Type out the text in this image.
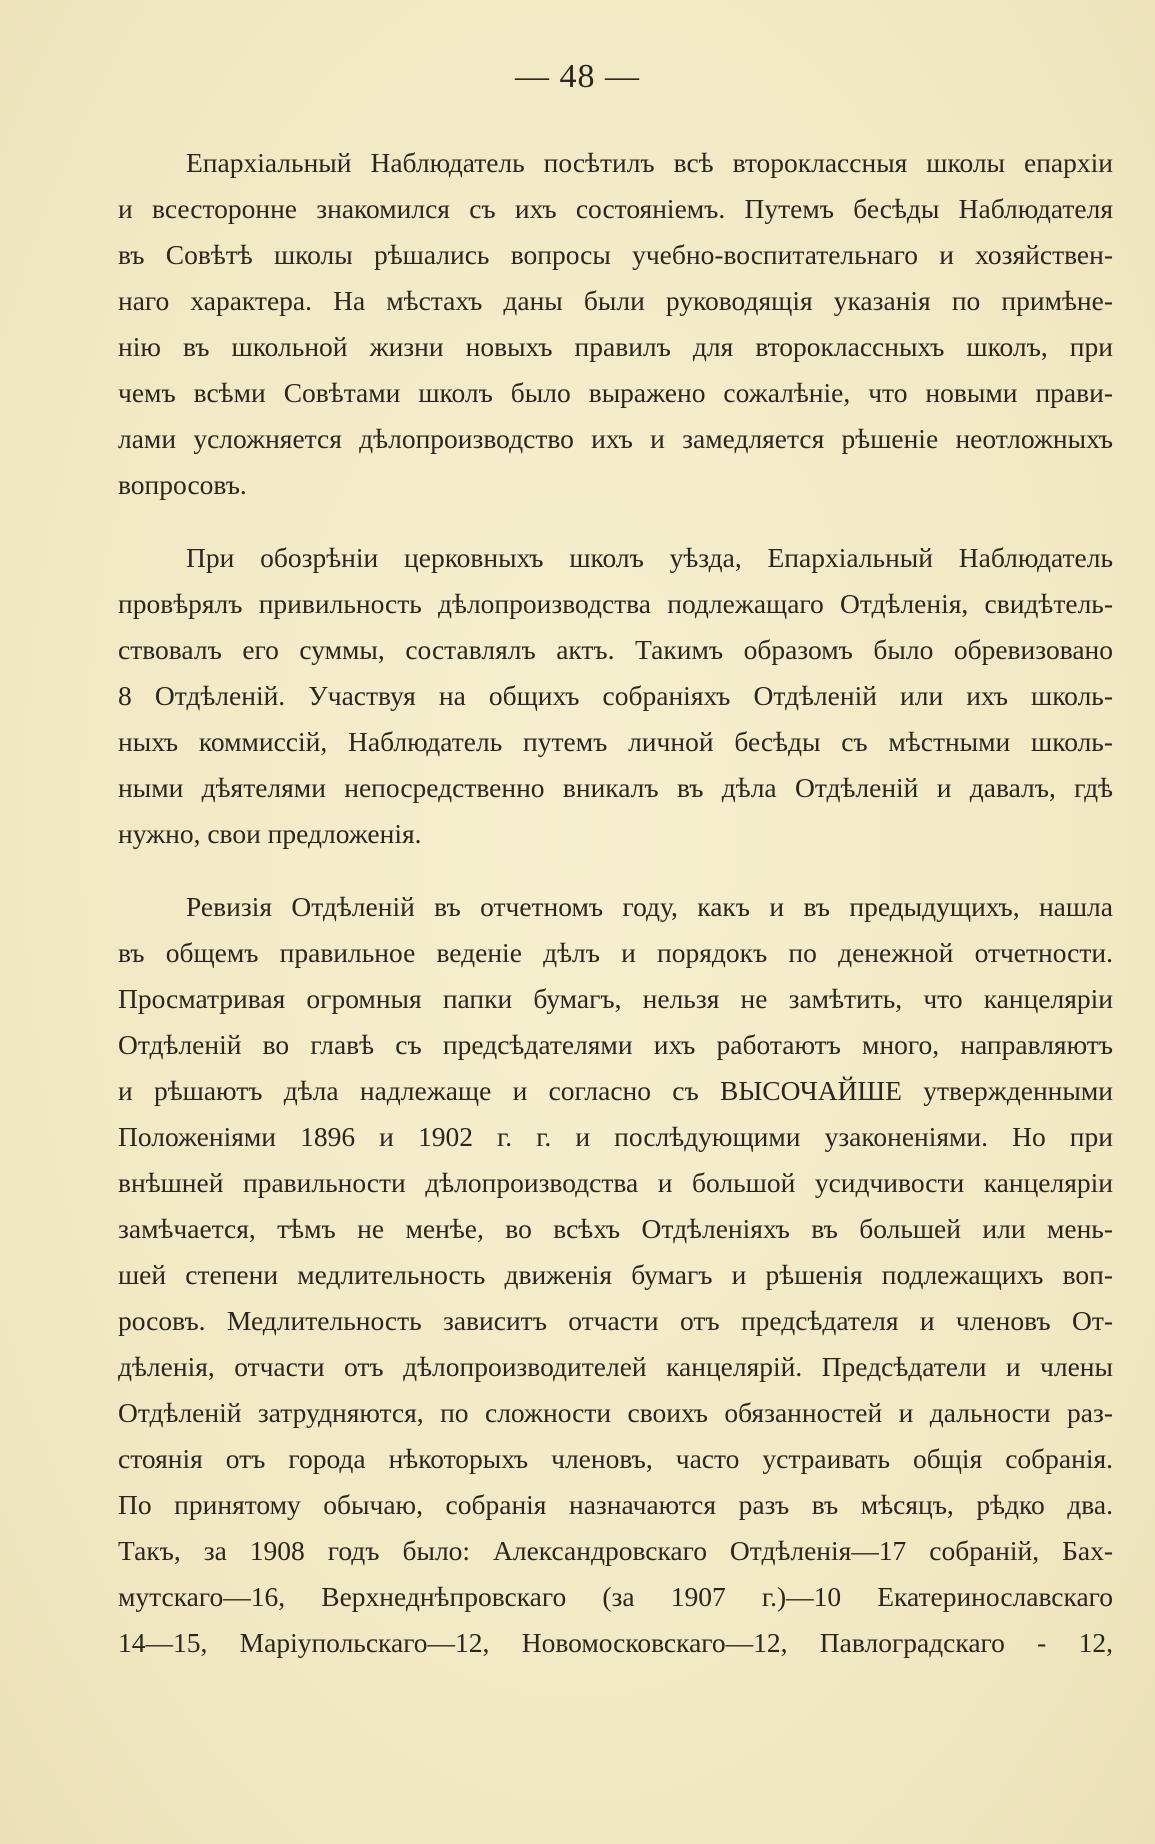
— 48 —
Епархіальный Наблюдатель посѣтилъ всѣ второклассныя школы епархіи
и всесторонне знакомился съ ихъ состояніемъ. Путемъ бесѣды Наблюдателя
въ Совѣтѣ школы рѣшались вопросы учебно-воспитательнаго и хозяйствен-
наго характера. На мѣстахъ даны были руководящія указанія по примѣне-
нію въ школьной жизни новыхъ правилъ для второклассныхъ школъ, при
чемъ всѣми Совѣтами школъ было выражено сожалѣніе, что новыми прави-
лами усложняется дѣлопроизводство ихъ и замедляется рѣшеніе неотложныхъ
вопросовъ.
При обозрѣніи церковныхъ школъ уѣзда, Епархіальный Наблюдатель
провѣрялъ привильность дѣлопроизводства подлежащаго Отдѣленія, свидѣтель-
ствовалъ его суммы, составлялъ актъ. Такимъ образомъ было обревизовано
8 Отдѣленій. Участвуя на общихъ собраніяхъ Отдѣленій или ихъ школь-
ныхъ коммиссій, Наблюдатель путемъ личной бесѣды съ мѣстными школь-
ными дѣятелями непосредственно вникалъ въ дѣла Отдѣленій и давалъ, гдѣ
нужно, свои предложенія.
Ревизія Отдѣленій въ отчетномъ году, какъ и въ предыдущихъ, нашла
въ общемъ правильное веденіе дѣлъ и порядокъ по денежной отчетности.
Просматривая огромныя папки бумагъ, нельзя не замѣтить, что канцеляріи
Отдѣленій во главѣ съ предсѣдателями ихъ работаютъ много, направляютъ
и рѣшаютъ дѣла надлежаще и согласно съ ВЫСОЧАЙШЕ утвержденными
Положеніями 1896 и 1902 г. г. и послѣдующими узаконеніями. Но при
внѣшней правильности дѣлопроизводства и большой усидчивости канцеляріи
замѣчается, тѣмъ не менѣе, во всѣхъ Отдѣленіяхъ въ большей или мень-
шей степени медлительность движенія бумагъ и рѣшенія подлежащихъ воп-
росовъ. Медлительность зависитъ отчасти отъ предсѣдателя и членовъ От-
дѣленія, отчасти отъ дѣлопроизводителей канцелярій. Предсѣдатели и члены
Отдѣленій затрудняются, по сложности своихъ обязанностей и дальности раз-
стоянія отъ города нѣкоторыхъ членовъ, часто устраивать общія собранія.
По принятому обычаю, собранія назначаются разъ въ мѣсяцъ, рѣдко два.
Такъ, за 1908 годъ было: Александровскаго Отдѣленія—17 собраній, Бах-
мутскаго—16, Верхнеднѣпровскаго (за 1907 г.)—10 Екатеринославскаго
14—15, Маріупольскаго—12, Новомосковскаго—12, Павлоградскаго - 12,
